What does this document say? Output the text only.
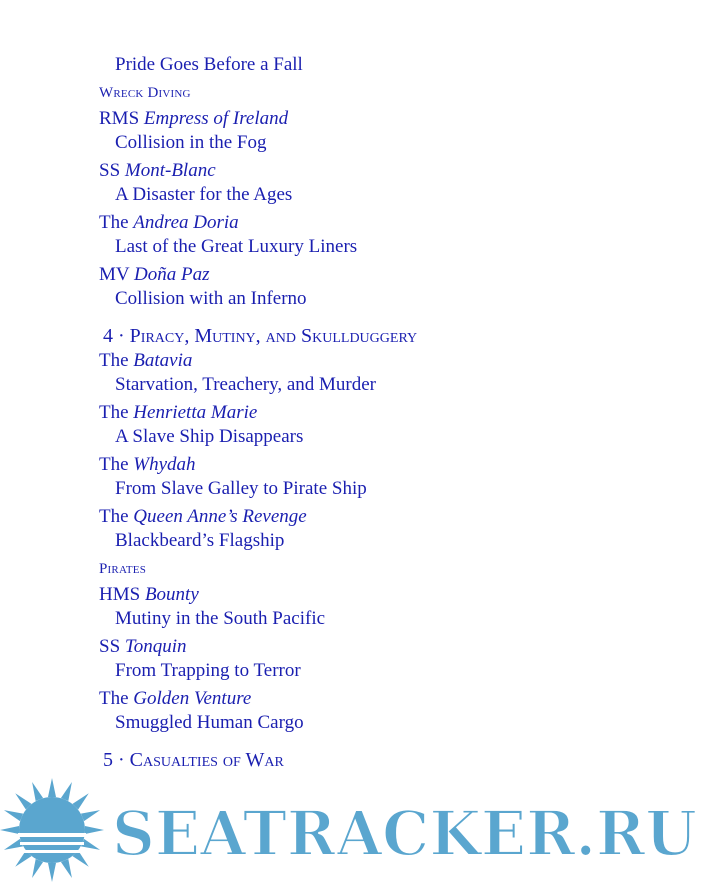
Pride Goes Before a Fall
Wreck Diving
RMS Empress of Ireland
Collision in the Fog
SS Mont-Blanc
A Disaster for the Ages
The Andrea Doria
Last of the Great Luxury Liners
MV Doña Paz
Collision with an Inferno
4 · Piracy, Mutiny, and Skullduggery
The Batavia
Starvation, Treachery, and Murder
The Henrietta Marie
A Slave Ship Disappears
The Whydah
From Slave Galley to Pirate Ship
The Queen Anne’s Revenge
Blackbeard’s Flagship
Pirates
HMS Bounty
Mutiny in the South Pacific
SS Tonquin
From Trapping to Terror
The Golden Venture
Smuggled Human Cargo
5 · Casualties of War
SEATRACKER.RU
